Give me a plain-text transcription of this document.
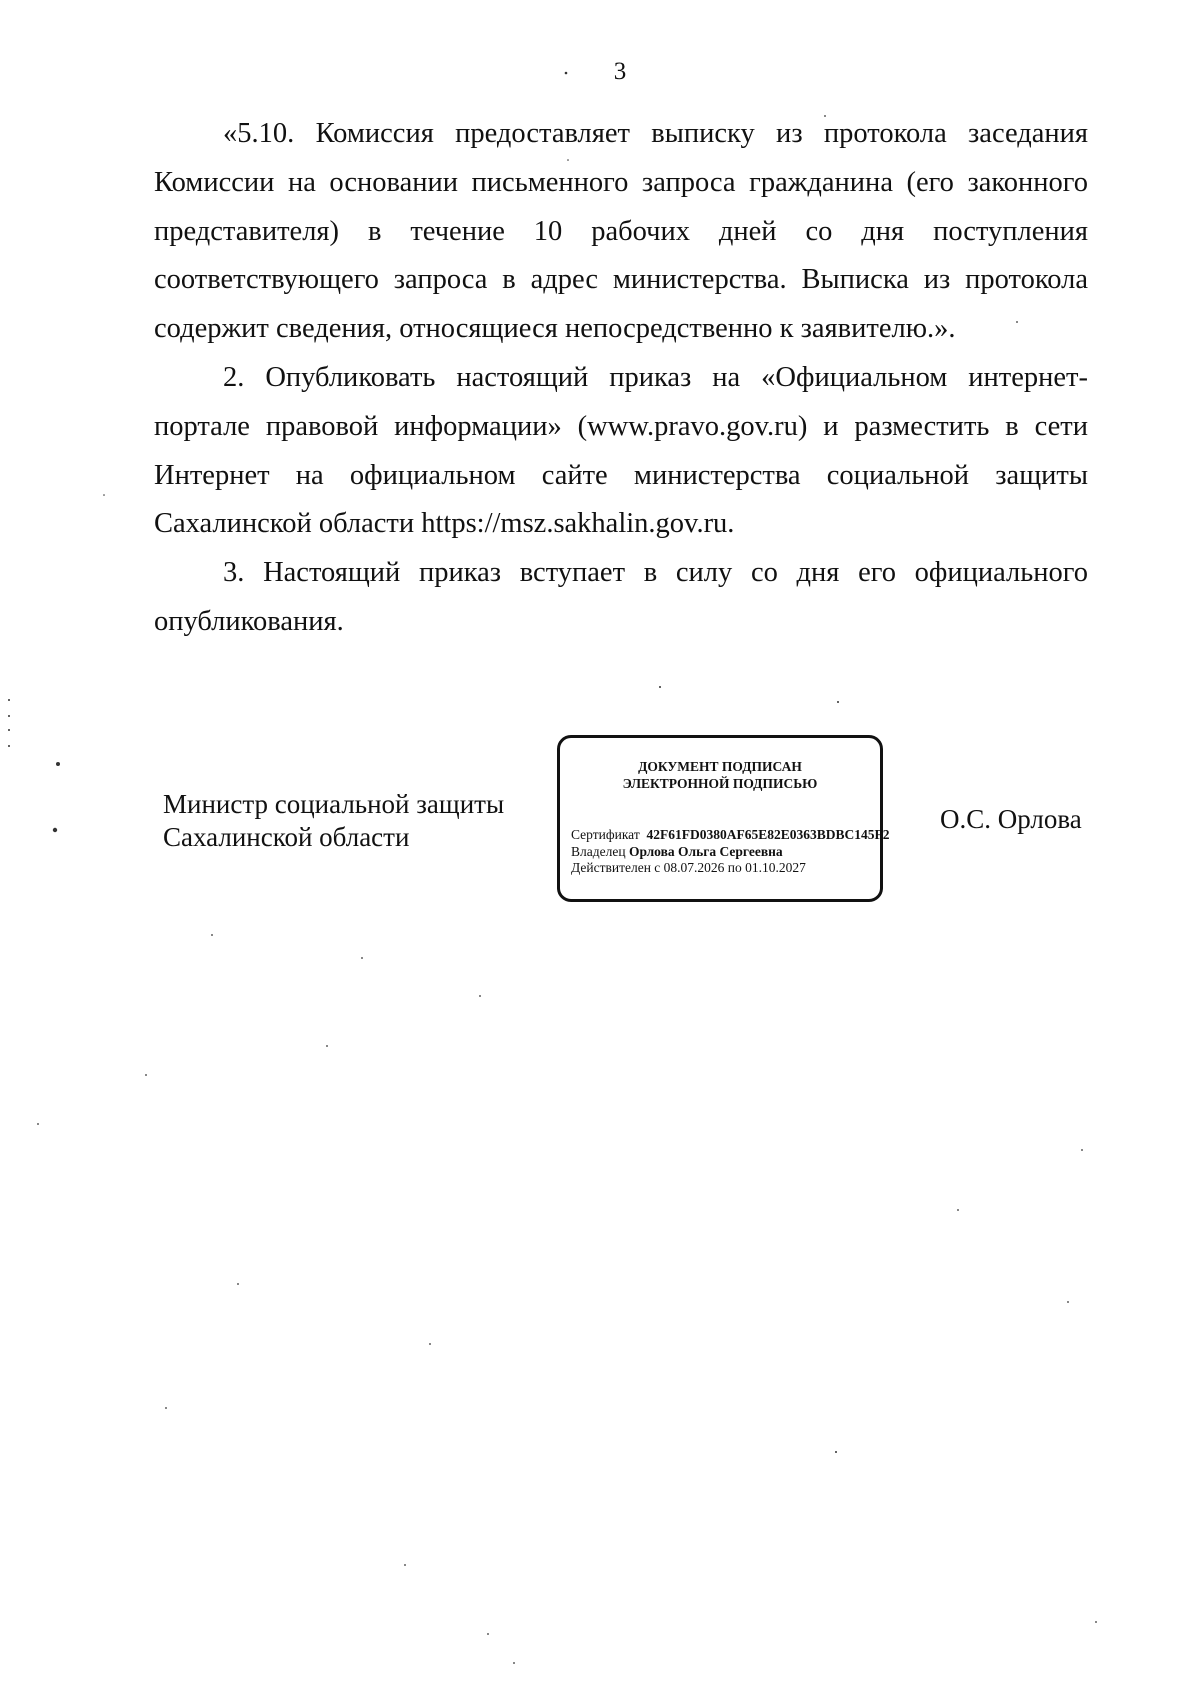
3

«5.10. Комиссия предоставляет выписку из протокола заседания Комиссии на основании письменного запроса гражданина (его законного представителя) в течение 10 рабочих дней со дня поступления соответствующего запроса в адрес министерства. Выписка из протокола содержит сведения, относящиеся непосредственно к заявителю.».

2. Опубликовать настоящий приказ на «Официальном интернет-портале правовой информации» (www.pravo.gov.ru) и разместить в сети Интернет на официальном сайте министерства социальной защиты Сахалинской области https://msz.sakhalin.gov.ru.

3. Настоящий приказ вступает в силу со дня его официального опубликования.

Министр социальной защиты
Сахалинской области
ДОКУМЕНТ ПОДПИСАН
ЭЛЕКТРОННОЙ ПОДПИСЬЮ
Сертификат 42F61FD0380AF65E82E0363BDBC145F2
Владелец Орлова Ольга Сергеевна
Действителен с 08.07.2026 по 01.10.2027
О.С. Орлова
